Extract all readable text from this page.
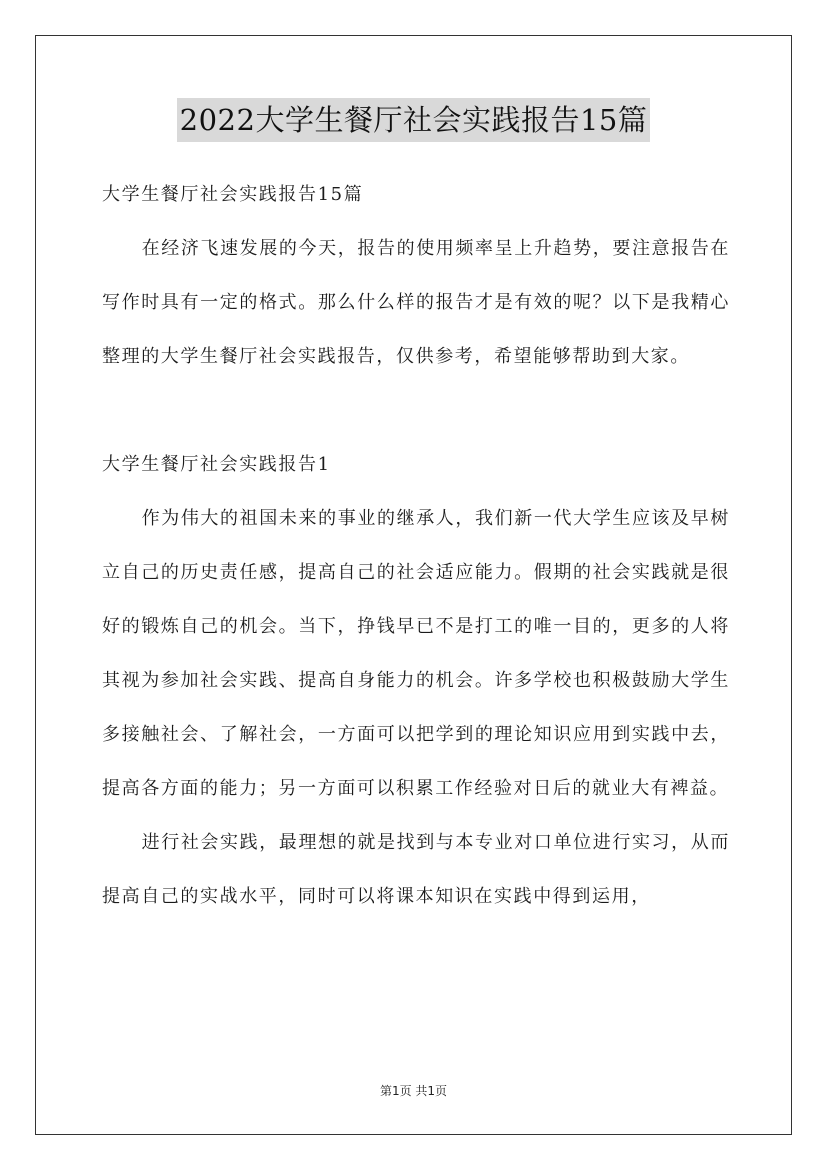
2022大学生餐厅社会实践报告15篇

大学生餐厅社会实践报告15篇

在经济飞速发展的今天，报告的使用频率呈上升趋势，要注意报告在写作时具有一定的格式。那么什么样的报告才是有效的呢？以下是我精心整理的大学生餐厅社会实践报告，仅供参考，希望能够帮助到大家。

大学生餐厅社会实践报告1

作为伟大的祖国未来的事业的继承人，我们新一代大学生应该及早树立自己的历史责任感，提高自己的社会适应能力。假期的社会实践就是很好的锻炼自己的机会。当下，挣钱早已不是打工的唯一目的，更多的人将其视为参加社会实践、提高自身能力的机会。许多学校也积极鼓励大学生多接触社会、了解社会，一方面可以把学到的理论知识应用到实践中去，提高各方面的能力；另一方面可以积累工作经验对日后的就业大有裨益。

进行社会实践，最理想的就是找到与本专业对口单位进行实习，从而提高自己的实战水平，同时可以将课本知识在实践中得到运用，

第1页 共1页
